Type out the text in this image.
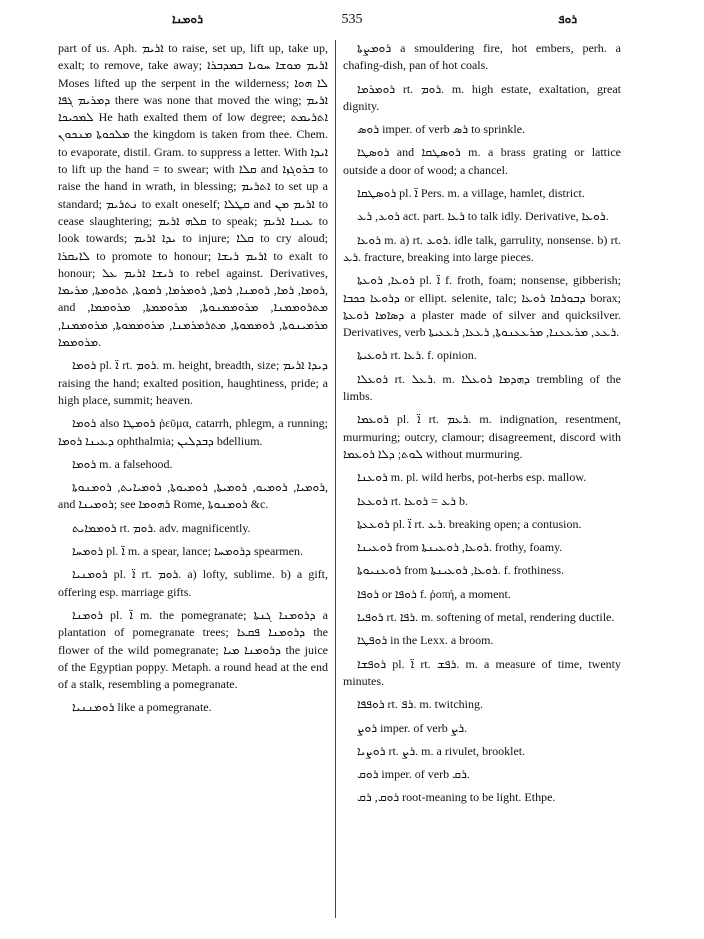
ܪܘܡܢܐ	535	ܪܘܦ

part of us. Aph. ܐܪܝܡ to raise, set up, lift up, take up, exalt; to remove, take away; ܐܪܝܡ ܡܘܫܐ ܚܘܝܐ ܒܡܕܒܪܐ Moses lifted up the serpent in the wilderness; ܠܐ ܗܘܐ ܕܡܪܝܡ ܓܦܐ there was none that moved the wing; ܐܪܝܡ ܠܡܟܝܟܐ He hath exalted them of low degree; ܐܬܪܝܡܬ ܡܠܟܘܬܐ ܡܢܟܘܢ the kingdom is taken from thee. Chem. to evaporate, distil. Gram. to suppress a letter. With ܐܝܕܐ to lift up the hand = to swear; with ܩܠܐ and ܒܪܘܓܙܐ to raise the hand in wrath, in blessing; ܐܬܪܝܡ to set up a standard; ܢܬܪܝܡ to exalt oneself; ܩܛܠܐ and ܐܪܝܡ ܡܢ to cease slaughtering; ܩܠܗ ܐܪܝܡ to speak; ܥܝܢܐ ܐܪܝܡ to look towards; ܝܕܐ ܐܪܝܡ to injure; ܩܠܐ to cry aloud; ܠܐܝܩܪܐ to promote to honour; ܐܪܝܡ ܪܝܫܐ to exalt to honour; ܪܝܫܐ ܐܪܝܡ ܥܠ to rebel against. Derivatives, ܪܘܡܐ, ܪܡܐ, ܪܘܡܢܐ, ܪܡܬܐ, ܪܘܡܪܡܐ, ܪܡܘܬܐ, ܬܪܘܡܬܐ, ܡܪܝܡܐ, and ܡܬܪܘܡܡܢܐ, ܡܪܘܡܡܢܘܬܐ, ܡܪܘܡܡܬܐ, ܡܪܘܡܡܐ, ܡܪܡܝܢܘܬܐ, ܪܘܡܡܘܬܐ, ܡܬܪܡܪܡܢܐ, ܡܪܘܡܡܘܬܐ, ܡܪܘܡܡܢܐ, ܡܪܘܡܡܐ.

ܪܘܡܐ pl. ܐ̈ rt. ܪܘܡ. m. height, breadth, size; ܕܝܕܐ ܐܪܝܡ raising the hand; exalted position, haughtiness, pride; a high place, summit; heaven.

ܪܘܡܐ also ܪܘܡܛܐ ῥεῦμα, catarrh, phlegm, a running; ܕܥܝܢܐ ܪܘܡܐ ophthalmia; ܕܒܕܠܝܢ bdellium.

ܪܘܡܐ m. a falsehood.

ܪܘܡܝܐ, ܪܘܡܝܘ, ܪܘܡܝܬܐ, ܪܘܡܝܘܬܐ, ܪܘܡܝܐܝܬ, ܪܘܡܢܘܬܐ, and ܪܘܡܝܢܐ; see ܪܗܘܡܐ Rome, ܪܘܡܢܘܬܐ &c.

ܪܘܡܡܐܝܬ rt. ܪܘܡ. adv. magnificently.

ܪܘܡܚܐ pl. ܐ̈ m. a spear, lance; ܕܪܘܡܚܐ spearmen.

ܪܘܡܢܝܐ pl. ܐ̈ rt. ܪܘܡ. a) lofty, sublime. b) a gift, offering esp. marriage gifts.

ܪܘܡܢܐ pl. ܐ̈ m. the pomegranate; ܕܪܘܡܢܐ ܓܢܬܐ a plantation of pomegranate trees; ܕܪܘܡܢܐ ܦܩܥܐ the flower of the wild pomegranate; ܕܪܘܡܢܐ ܡܝܐ the juice of the Egyptian poppy. Metaph. a round head at the end of a stalk, resembling a pomegranate.

ܪܘܡܢܢܝܐ like a pomegranate.

ܪܘܡܨܬܐ a smouldering fire, hot embers, perh. a chafing-dish, pan of hot coals.

ܪܘܡܪܡܐ rt. ܪܘܡ. m. high estate, exaltation, great dignity.

ܪܘܣ imper. of verb ܪܣ to sprinkle.

ܪܘܣܛܐ and ܪܘܣܛܩܐ m. a brass grating or lattice outside a door of wood; a chancel.

ܪܘܣܛܩܐ pl. ܐ̈ Pers. m. a village, hamlet, district.

ܪܘܥ, ܪܥ act. part. ܪܥܐ to talk idly. Derivative, ܪܘܥܐ.

ܪܘܥܐ m. a) rt. ܪܘܥ. idle talk, garrulity, nonsense. b) rt. ܪܥ. fracture, breaking into large pieces.

ܪܘܥܐ, ܪܘܥܬܐ pl. ܐ̈ f. froth, foam; nonsense, gibberish; ܕܪܘܥܐ ܟܟܒܐ or ellipt. selenite, talc; ܕܒܘܪܩܐ ܪܘܥܐ borax; ܕܣܐܡܐ ܪܘܥܬܐ a plaster made of silver and quicksilver. Derivatives, verb ܪܥܥ, ܡܪܥܥܢܐ, ܡܪܥܥܢܘܬܐ, ܪܥܥܐ, ܪܥܥܝܬܐ.

ܪܘܥܝܬܐ rt. ܪܥܐ. f. opinion.

ܪܘܥܠܐ rt. ܪܥܠ. m. ܕܗܕܡܐ ܪܘܥܠܐ trembling of the limbs.

ܪܘܥܡܐ pl. ܐ̈ rt. ܪܥܡ. m. indignation, resentment, murmuring; outcry, clamour; disagreement, discord with ܠܘܬ; ܕܠܐ ܪܘܥܡܐ without murmuring.

ܪܘܥܢܐ m. pl. wild herbs, pot-herbs esp. mallow.

ܪܘܥܥܐ rt. ܪܥ = ܪܘܥܐ b.

ܪܘܥܥܬܐ pl. ܐ̈ rt. ܪܥ. breaking open; a contusion.

ܪܘܥܝܢܐ from ܪܘܥܐ, ܪܘܥܝܢܬܐ. frothy, foamy.

ܪܘܥܢܝܘܬܐ from ܪܘܥܐ, ܪܘܥܝܢܬܐ. f. frothiness.

ܪܘܦܐ or ܪܘܦܐ f. ῥοπή, a moment.

ܪܘܦܝܐ rt. ܪܦܐ. m. softening of metal, rendering ductile.

ܪܘܦܛܐ in the Lexx. a broom.

ܪܘܦܫܐ pl. ܐ̈ rt. ܪܦܫ. m. a measure of time, twenty minutes.

ܪܘܦܦܐ rt. ܪܦ. m. twitching.

ܪܘܨ imper. of verb ܪܨ.

ܪܘܨܝܐ rt. ܪܨ. m. a rivulet, brooklet.

ܪܘܩ imper. of verb ܪܩ.

ܪܘܩ, ܪܩ root-meaning to be light. Ethpe.
